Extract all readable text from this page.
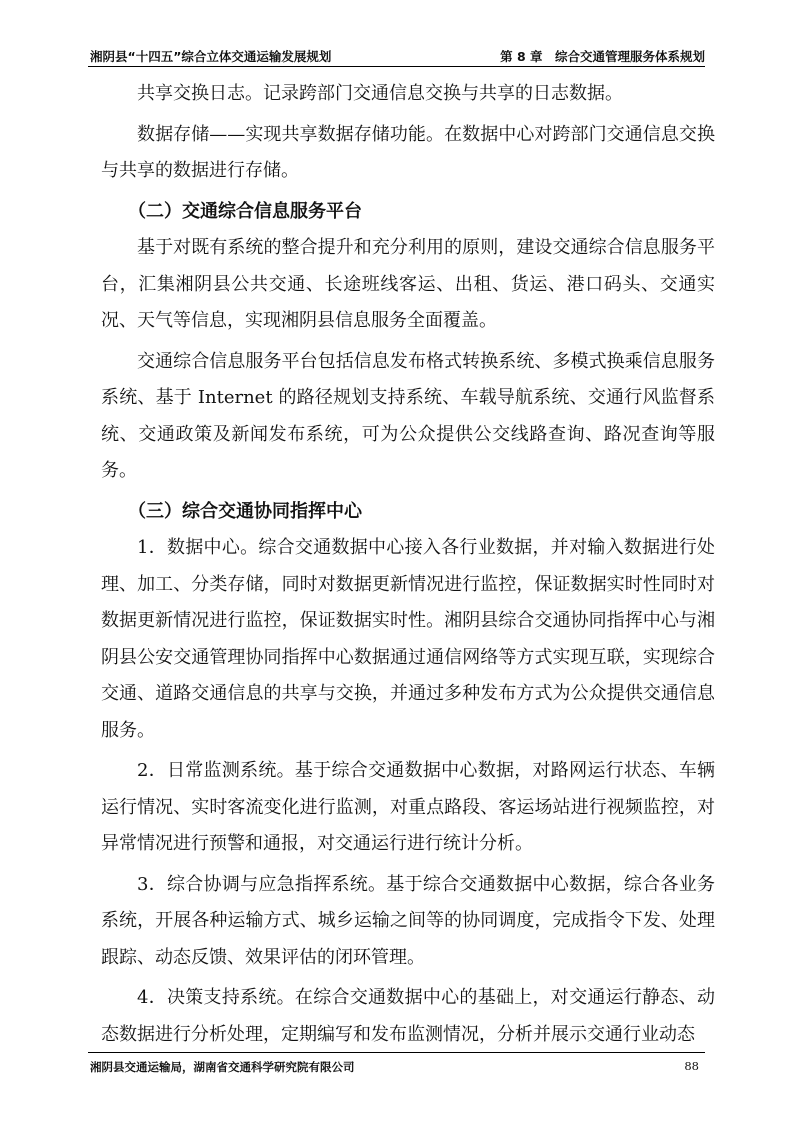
湘阴县“十四五”综合立体交通运输发展规划	第 8 章　综合交通管理服务体系规划

共享交换日志。记录跨部门交通信息交换与共享的日志数据。

数据存储——实现共享数据存储功能。在数据中心对跨部门交通信息交换与共享的数据进行存储。

（二）交通综合信息服务平台

基于对既有系统的整合提升和充分利用的原则，建设交通综合信息服务平台，汇集湘阴县公共交通、长途班线客运、出租、货运、港口码头、交通实况、天气等信息，实现湘阴县信息服务全面覆盖。

交通综合信息服务平台包括信息发布格式转换系统、多模式换乘信息服务系统、基于 Internet 的路径规划支持系统、车载导航系统、交通行风监督系统、交通政策及新闻发布系统，可为公众提供公交线路查询、路况查询等服务。

（三）综合交通协同指挥中心

1．数据中心。综合交通数据中心接入各行业数据，并对输入数据进行处理、加工、分类存储，同时对数据更新情况进行监控，保证数据实时性同时对数据更新情况进行监控，保证数据实时性。湘阴县综合交通协同指挥中心与湘阴县公安交通管理协同指挥中心数据通过通信网络等方式实现互联，实现综合交通、道路交通信息的共享与交换，并通过多种发布方式为公众提供交通信息服务。

2．日常监测系统。基于综合交通数据中心数据，对路网运行状态、车辆运行情况、实时客流变化进行监测，对重点路段、客运场站进行视频监控，对异常情况进行预警和通报，对交通运行进行统计分析。

3．综合协调与应急指挥系统。基于综合交通数据中心数据，综合各业务系统，开展各种运输方式、城乡运输之间等的协同调度，完成指令下发、处理跟踪、动态反馈、效果评估的闭环管理。

4．决策支持系统。在综合交通数据中心的基础上，对交通运行静态、动态数据进行分析处理，定期编写和发布监测情况，分析并展示交通行业动态

湘阴县交通运输局，湖南省交通科学研究院有限公司	88
